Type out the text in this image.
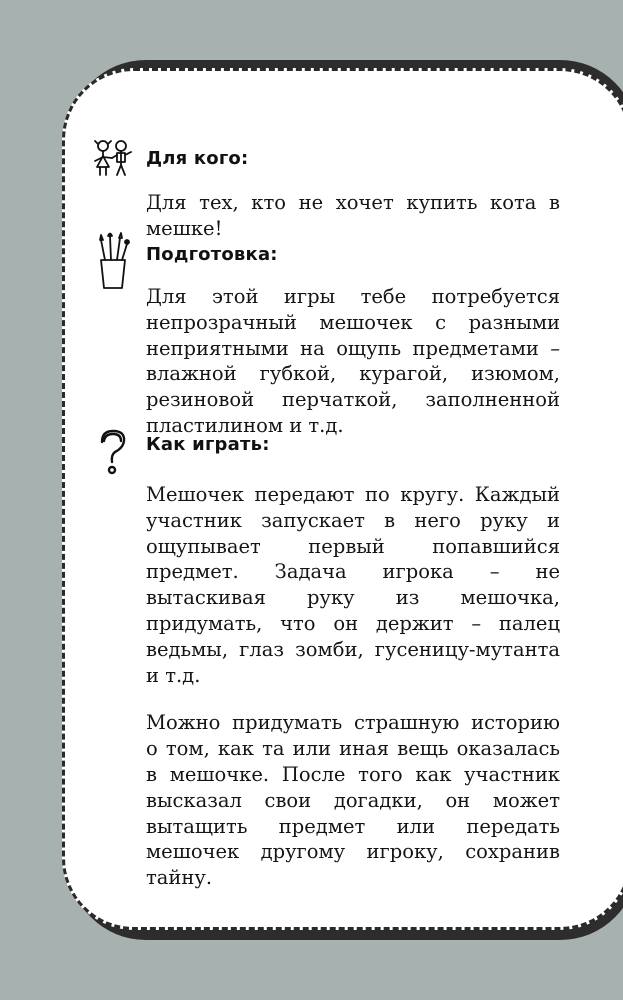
Для кого:

Для тех, кто не хочет купить кота в мешке!

Подготовка:

Для этой игры тебе потребуется непрозрачный мешочек с разными неприятными на ощупь предметами – влажной губкой, курагой, изюмом, резиновой перчаткой, заполненной пластилином и т.д.

Как играть:

Мешочек передают по кругу. Каждый участник запускает в него руку и ощупывает первый попавшийся предмет. Задача игрока – не вытаскивая руку из мешочка, придумать, что он держит – палец ведьмы, глаз зомби, гусеницу-мутанта и т.д.

Можно придумать страшную историю о том, как та или иная вещь оказалась в мешочке. После того как участник высказал свои догадки, он может вытащить предмет или передать мешочек другому игроку, сохранив тайну.
